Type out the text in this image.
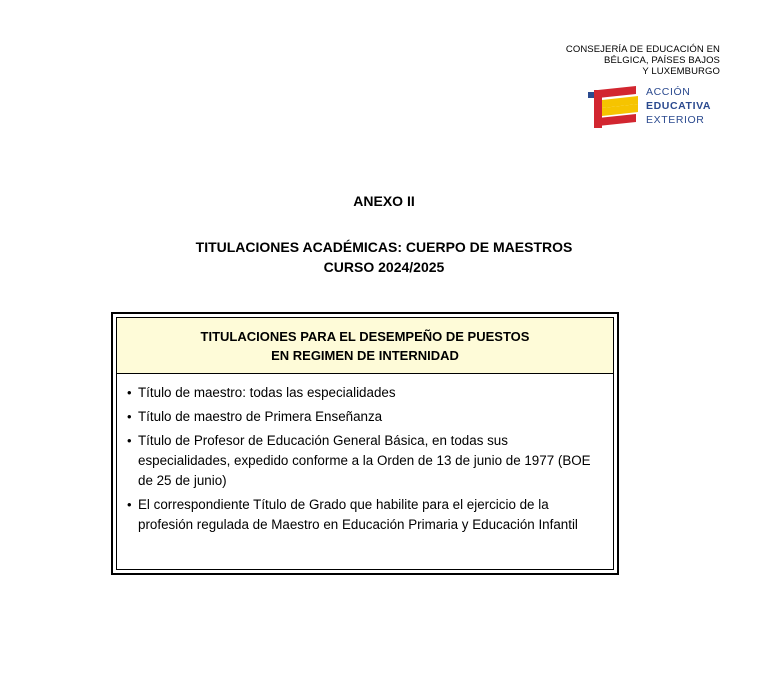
CONSEJERÍA DE EDUCACIÓN EN
BÉLGICA, PAÍSES BAJOS
Y LUXEMBURGO
ACCIÓN
EDUCATIVA
EXTERIOR
ANEXO II
TITULACIONES ACADÉMICAS: CUERPO DE MAESTROS
CURSO 2024/2025
TITULACIONES PARA EL DESEMPEÑO DE PUESTOS
EN REGIMEN DE INTERNIDAD
• Título de maestro: todas las especialidades
• Título de maestro de Primera Enseñanza
• Título de Profesor de Educación General Básica, en todas sus especialidades, expedido conforme a la Orden de 13 de junio de 1977 (BOE de 25 de junio)
• El correspondiente Título de Grado que habilite para el ejercicio de la profesión regulada de Maestro en Educación Primaria y Educación Infantil
